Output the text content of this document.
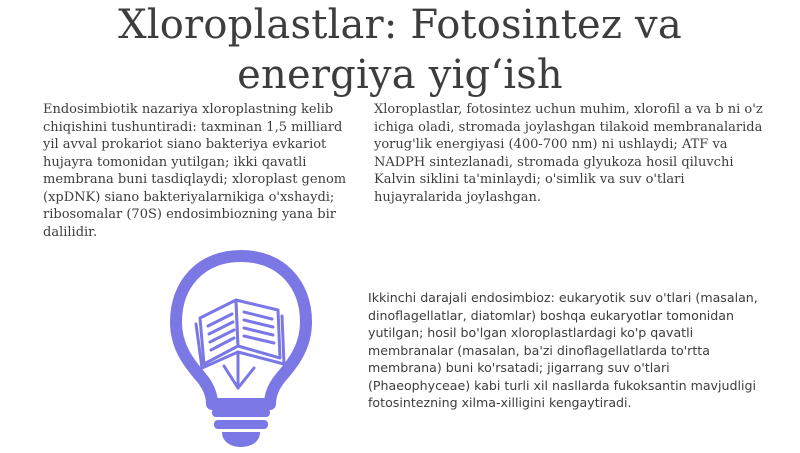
Xloroplastlar: Fotosintez va
energiya yig‘ish

Endosimbiotik nazariya xloroplastning kelib chiqishini tushuntiradi: taxminan 1,5 milliard yil avval prokariot siano bakteriya evkariot hujayra tomonidan yutilgan; ikki qavatli membrana buni tasdiqlaydi; xloroplast genom (xpDNK) siano bakteriyalarnikiga o'xshaydi; ribosomalar (70S) endosimbiozning yana bir dalilidir.

Xloroplastlar, fotosintez uchun muhim, xlorofil a va b ni o'z ichiga oladi, stromada joylashgan tilakoid membranalarida yorug'lik energiyasi (400-700 nm) ni ushlaydi; ATF va NADPH sintezlanadi, stromada glyukoza hosil qiluvchi Kalvin siklini ta'minlaydi; o'simlik va suv o'tlari hujayralarida joylashgan.

Ikkinchi darajali endosimbioz: eukaryotik suv o'tlari (masalan, dinoflagellatlar, diatomlar) boshqa eukaryotlar tomonidan yutilgan; hosil bo'lgan xloroplastlardagi ko'p qavatli membranalar (masalan, ba'zi dinoflagellatlarda to'rtta membrana) buni ko'rsatadi; jigarrang suv o'tlari (Phaeophyceae) kabi turli xil nasllarda fukoksantin mavjudligi fotosintezning xilma-xilligini kengaytiradi.
